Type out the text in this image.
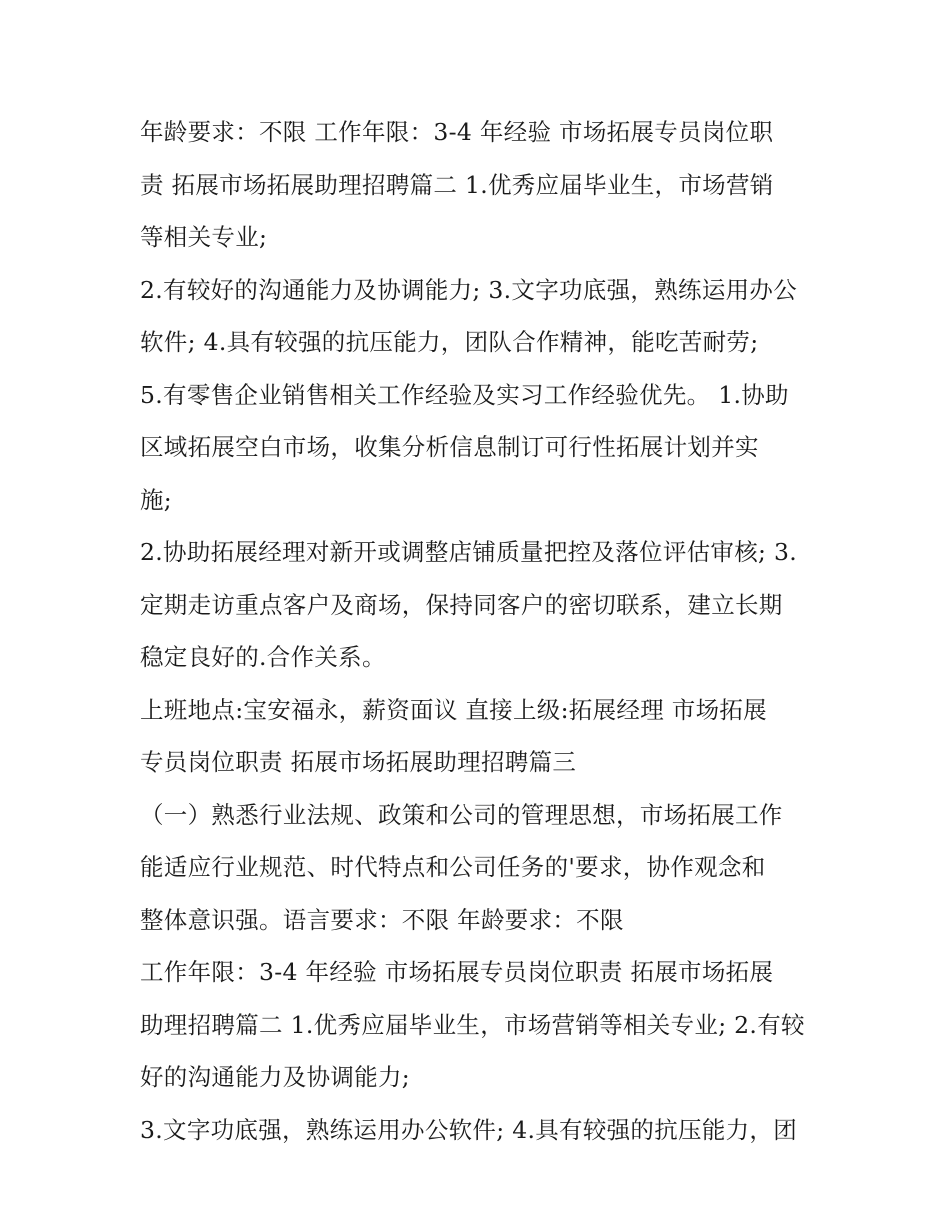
年龄要求：不限 工作年限：3-4 年经验 市场拓展专员岗位职
责 拓展市场拓展助理招聘篇二 1.优秀应届毕业生，市场营销
等相关专业;
2.有较好的沟通能力及协调能力; 3.文字功底强，熟练运用办公
软件; 4.具有较强的抗压能力，团队合作精神，能吃苦耐劳;
5.有零售企业销售相关工作经验及实习工作经验优先。 1.协助
区域拓展空白市场，收集分析信息制订可行性拓展计划并实
施;
2.协助拓展经理对新开或调整店铺质量把控及落位评估审核; 3.
定期走访重点客户及商场，保持同客户的密切联系，建立长期
稳定良好的.合作关系。
上班地点:宝安福永，薪资面议 直接上级:拓展经理 市场拓展
专员岗位职责 拓展市场拓展助理招聘篇三
（一）熟悉行业法规、政策和公司的管理思想，市场拓展工作
能适应行业规范、时代特点和公司任务的'要求，协作观念和
整体意识强。语言要求：不限 年龄要求：不限
工作年限：3-4 年经验 市场拓展专员岗位职责 拓展市场拓展
助理招聘篇二 1.优秀应届毕业生，市场营销等相关专业; 2.有较
好的沟通能力及协调能力;
3.文字功底强，熟练运用办公软件; 4.具有较强的抗压能力，团
